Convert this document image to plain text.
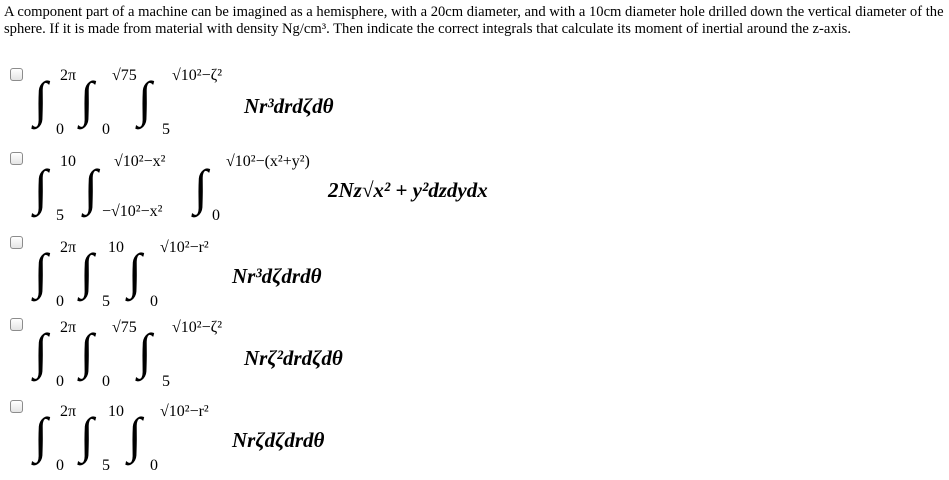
A component part of a machine can be imagined as a hemisphere, with a 20cm diameter, and with a 10cm diameter hole drilled down the vertical diameter of the sphere. If it is made from material with density Ng/cm³. Then indicate the correct integrals that calculate its moment of inertial around the z-axis.
∫ ∫ ∫
2π √75 √10²−ζ²
0 0	5
Nr³drdζdθ
∫ ∫ ∫
10 √10²−x²	√10²−(x²+y²)
5 −√10²−x²	0
2Nz√x² + y²dzdydx
∫ ∫ ∫
2π 10 √10²−r²
0 5	0
Nr³dζdrdθ
∫ ∫ ∫
2π √75 √10²−ζ²
0 0	5
Nrζ²drdζdθ
∫ ∫ ∫
2π 10 √10²−r²
0 5	0
Nrζdζdrdθ
